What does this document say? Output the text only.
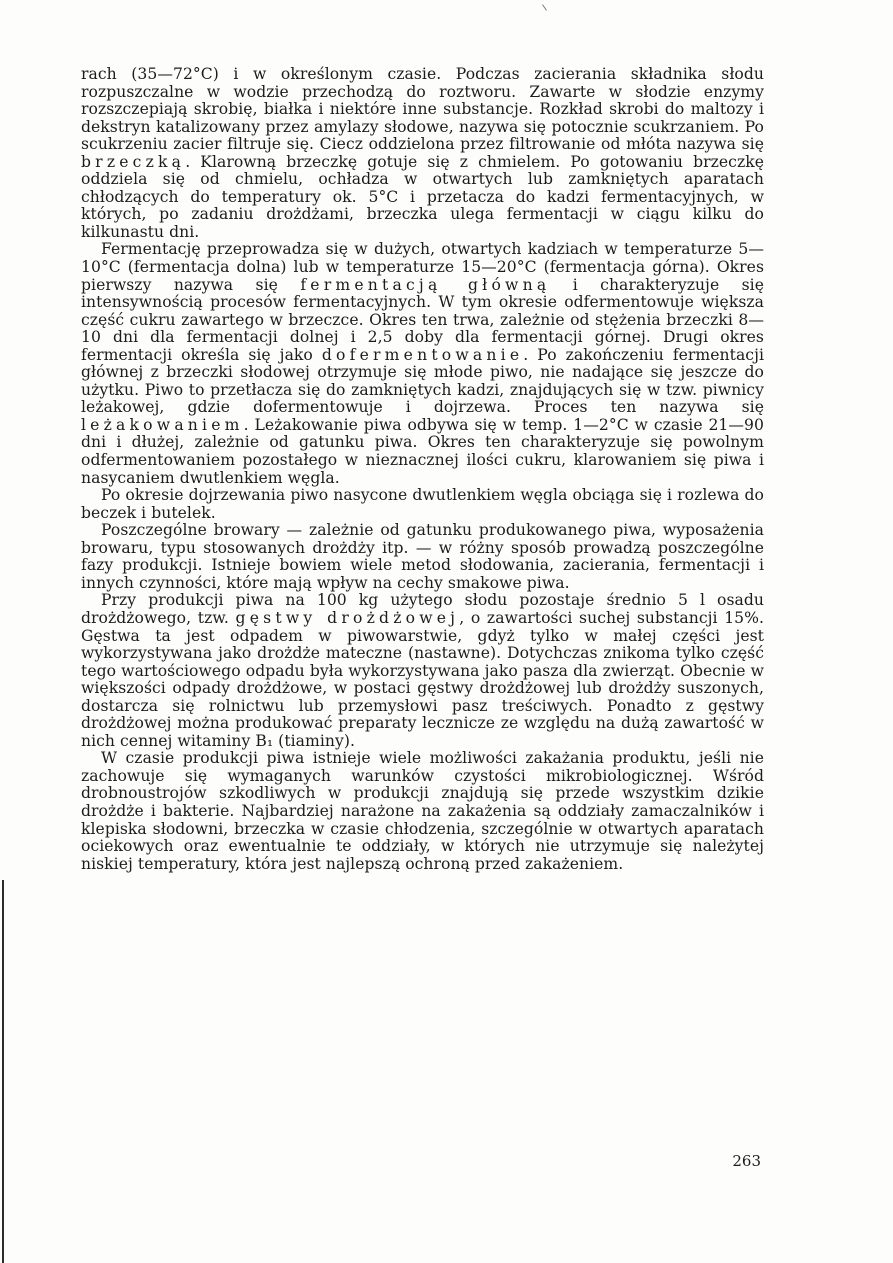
rach (35—72°C) i w określonym czasie. Podczas zacierania składnika słodu rozpuszczalne w wodzie przechodzą do roztworu. Zawarte w słodzie enzymy rozszczepiają skrobię, białka i niektóre inne substancje. Rozkład skrobi do maltozy i dekstryn katalizowany przez amylazy słodowe, nazywa się potocznie scukrzaniem. Po scukrzeniu zacier filtruje się. Ciecz oddzielona przez filtrowanie od młóta nazywa się brzeczką. Klarowną brzeczkę gotuje się z chmielem. Po gotowaniu brzeczkę oddziela się od chmielu, ochładza w otwartych lub zamkniętych aparatach chłodzących do temperatury ok. 5°C i przetacza do kadzi fermentacyjnych, w których, po zadaniu drożdżami, brzeczka ulega fermentacji w ciągu kilku do kilkunastu dni.

Fermentację przeprowadza się w dużych, otwartych kadziach w temperaturze 5—10°C (fermentacja dolna) lub w temperaturze 15—20°C (fermentacja górna). Okres pierwszy nazywa się fermentacją główną i charakteryzuje się intensywnością procesów fermentacyjnych. W tym okresie odfermentowuje większa część cukru zawartego w brzeczce. Okres ten trwa, zależnie od stężenia brzeczki 8—10 dni dla fermentacji dolnej i 2,5 doby dla fermentacji górnej. Drugi okres fermentacji określa się jako dofermentowanie. Po zakończeniu fermentacji głównej z brzeczki słodowej otrzymuje się młode piwo, nie nadające się jeszcze do użytku. Piwo to przetłacza się do zamkniętych kadzi, znajdujących się w tzw. piwnicy leżakowej, gdzie dofermentowuje i dojrzewa. Proces ten nazywa się leżakowaniem. Leżakowanie piwa odbywa się w temp. 1—2°C w czasie 21—90 dni i dłużej, zależnie od gatunku piwa. Okres ten charakteryzuje się powolnym odfermentowaniem pozostałego w nieznacznej ilości cukru, klarowaniem się piwa i nasycaniem dwutlenkiem węgla.

Po okresie dojrzewania piwo nasycone dwutlenkiem węgla obciąga się i rozlewa do beczek i butelek.

Poszczególne browary — zależnie od gatunku produkowanego piwa, wyposażenia browaru, typu stosowanych drożdży itp. — w różny sposób prowadzą poszczególne fazy produkcji. Istnieje bowiem wiele metod słodowania, zacierania, fermentacji i innych czynności, które mają wpływ na cechy smakowe piwa.

Przy produkcji piwa na 100 kg użytego słodu pozostaje średnio 5 l osadu drożdżowego, tzw. gęstwy drożdżowej, o zawartości suchej substancji 15%. Gęstwa ta jest odpadem w piwowarstwie, gdyż tylko w małej części jest wykorzystywana jako drożdże mateczne (nastawne). Dotychczas znikoma tylko część tego wartościowego odpadu była wykorzystywana jako pasza dla zwierząt. Obecnie w większości odpady drożdżowe, w postaci gęstwy drożdżowej lub drożdży suszonych, dostarcza się rolnictwu lub przemysłowi pasz treściwych. Ponadto z gęstwy drożdżowej można produkować preparaty lecznicze ze względu na dużą zawartość w nich cennej witaminy B₁ (tiaminy).

W czasie produkcji piwa istnieje wiele możliwości zakażania produktu, jeśli nie zachowuje się wymaganych warunków czystości mikrobiologicznej. Wśród drobnoustrojów szkodliwych w produkcji znajdują się przede wszystkim dzikie drożdże i bakterie. Najbardziej narażone na zakażenia są oddziały zamaczalników i klepiska słodowni, brzeczka w czasie chłodzenia, szczególnie w otwartych aparatach ociekowych oraz ewentualnie te oddziały, w których nie utrzymuje się należytej niskiej temperatury, która jest najlepszą ochroną przed zakażeniem.

263
